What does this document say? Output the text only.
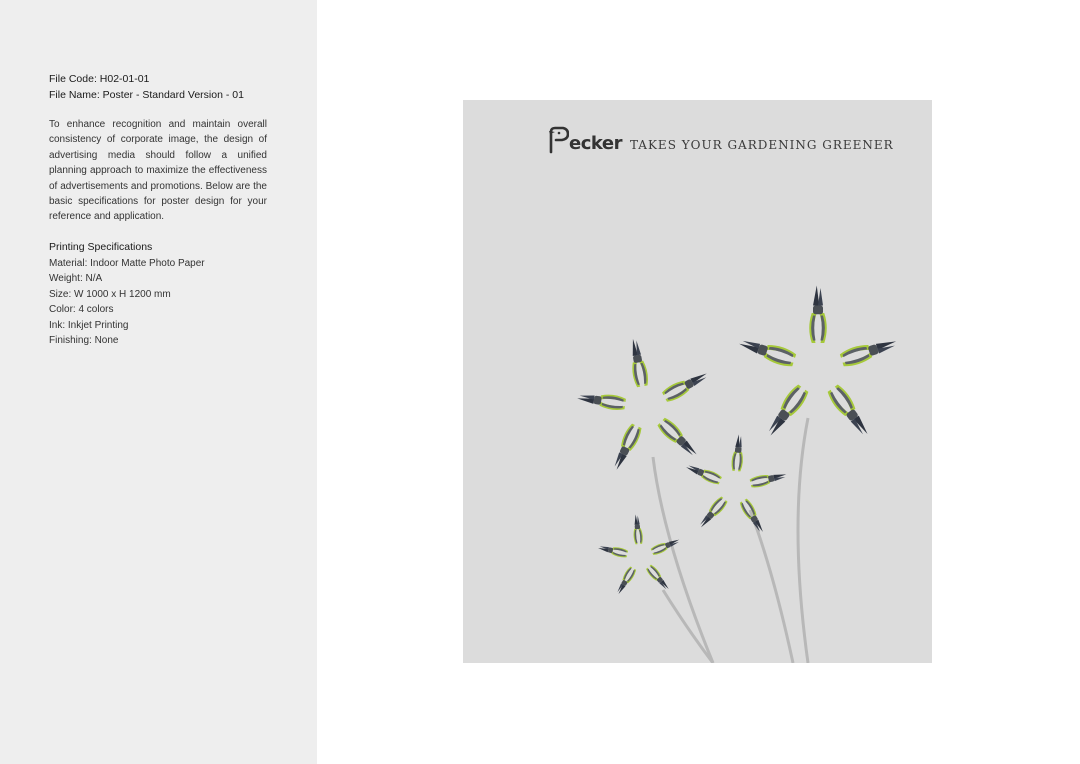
File Code: H02-01-01
File Name: Poster - Standard Version - 01
To enhance recognition and maintain overall consistency of corporate image, the design of advertising media should follow a unified planning approach to maximize the effectiveness of advertisements and promotions. Below are the basic specifications for poster design for your reference and application.
Printing Specifications
Material: Indoor Matte Photo Paper
Weight: N/A
Size: W 1000 x H 1200 mm
Color: 4 colors
Ink: Inkjet Printing
Finishing: None
ecker TAKES YOUR GARDENING GREENER
